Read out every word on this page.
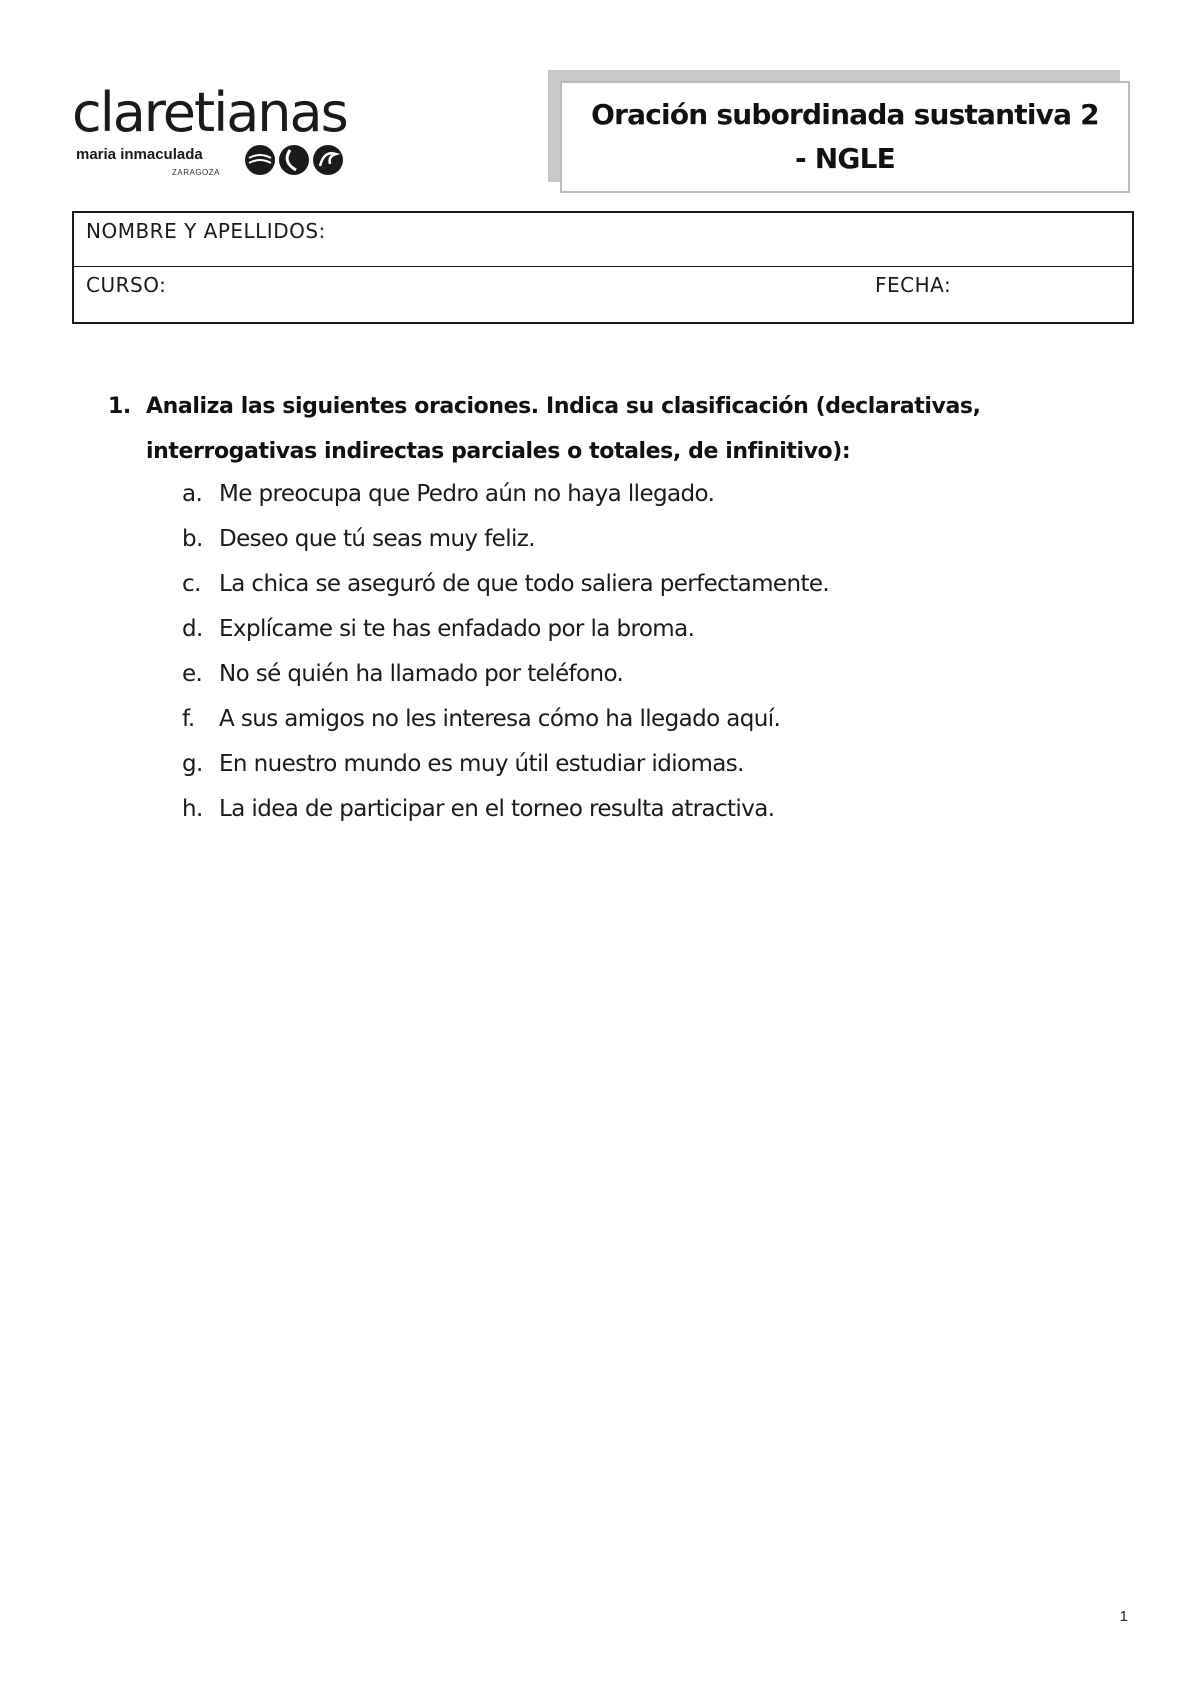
claretianas
maria inmaculada
ZARAGOZA
Oración subordinada sustantiva 2
- NGLE
NOMBRE Y APELLIDOS:
CURSO:	FECHA:
1. Analiza las siguientes oraciones. Indica su clasificación (declarativas, interrogativas indirectas parciales o totales, de infinitivo):
a. Me preocupa que Pedro aún no haya llegado.
b. Deseo que tú seas muy feliz.
c. La chica se aseguró de que todo saliera perfectamente.
d. Explícame si te has enfadado por la broma.
e. No sé quién ha llamado por teléfono.
f. A sus amigos no les interesa cómo ha llegado aquí.
g. En nuestro mundo es muy útil estudiar idiomas.
h. La idea de participar en el torneo resulta atractiva.
1
